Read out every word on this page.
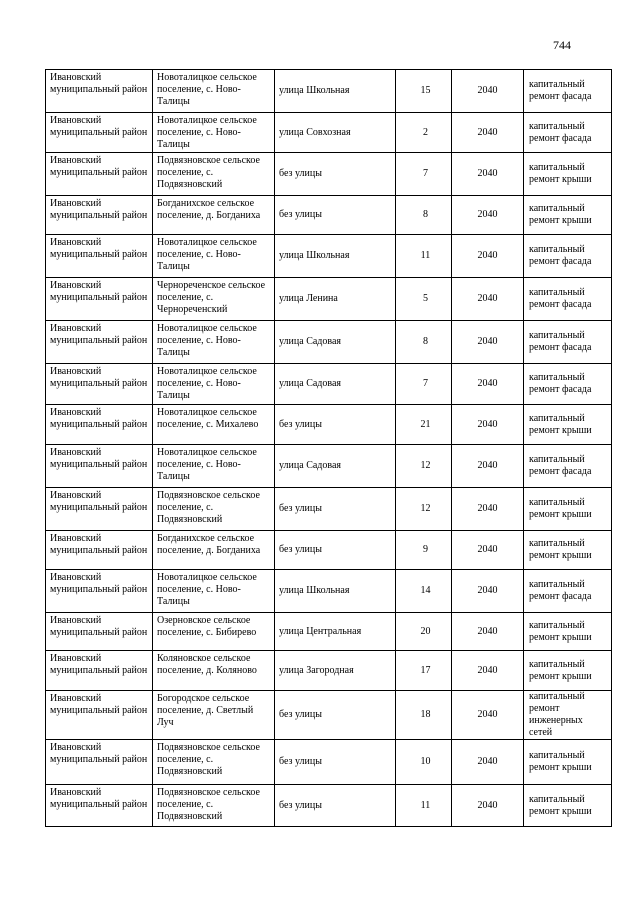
744
Ивановский муниципальный район	Новоталицкое сельское поселение, с. Ново-Талицы	улица Школьная	15	2040	капитальный ремонт фасада

Ивановский муниципальный район	Новоталицкое сельское поселение, с. Ново-Талицы	улица Совхозная	2	2040	капитальный ремонт фасада

Ивановский муниципальный район	Подвязновское сельское поселение, с. Подвязновский	без улицы	7	2040	капитальный ремонт крыши

Ивановский муниципальный район	Богданихское сельское поселение, д. Богданиха	без улицы	8	2040	капитальный ремонт крыши

Ивановский муниципальный район	Новоталицкое сельское поселение, с. Ново-Талицы	улица Школьная	11	2040	капитальный ремонт фасада

Ивановский муниципальный район	Чернореченское сельское поселение, с. Чернореченский	улица Ленина	5	2040	капитальный ремонт фасада

Ивановский муниципальный район	Новоталицкое сельское поселение, с. Ново-Талицы	улица Садовая	8	2040	капитальный ремонт фасада

Ивановский муниципальный район	Новоталицкое сельское поселение, с. Ново-Талицы	улица Садовая	7	2040	капитальный ремонт фасада

Ивановский муниципальный район	Новоталицкое сельское поселение, с. Михалево	без улицы	21	2040	капитальный ремонт крыши

Ивановский муниципальный район	Новоталицкое сельское поселение, с. Ново-Талицы	улица Садовая	12	2040	капитальный ремонт фасада

Ивановский муниципальный район	Подвязновское сельское поселение, с. Подвязновский	без улицы	12	2040	капитальный ремонт крыши

Ивановский муниципальный район	Богданихское сельское поселение, д. Богданиха	без улицы	9	2040	капитальный ремонт крыши

Ивановский муниципальный район	Новоталицкое сельское поселение, с. Ново-Талицы	улица Школьная	14	2040	капитальный ремонт фасада

Ивановский муниципальный район	Озерновское сельское поселение, с. Бибирево	улица Центральная	20	2040	капитальный ремонт крыши

Ивановский муниципальный район	Коляновское сельское поселение, д. Коляново	улица Загородная	17	2040	капитальный ремонт крыши

Ивановский муниципальный район	Богородское сельское поселение, д. Светлый Луч	без улицы	18	2040	капитальный ремонт инженерных сетей

Ивановский муниципальный район	Подвязновское сельское поселение, с. Подвязновский	без улицы	10	2040	капитальный ремонт крыши

Ивановский муниципальный район	Подвязновское сельское поселение, с. Подвязновский	без улицы	11	2040	капитальный ремонт крыши
